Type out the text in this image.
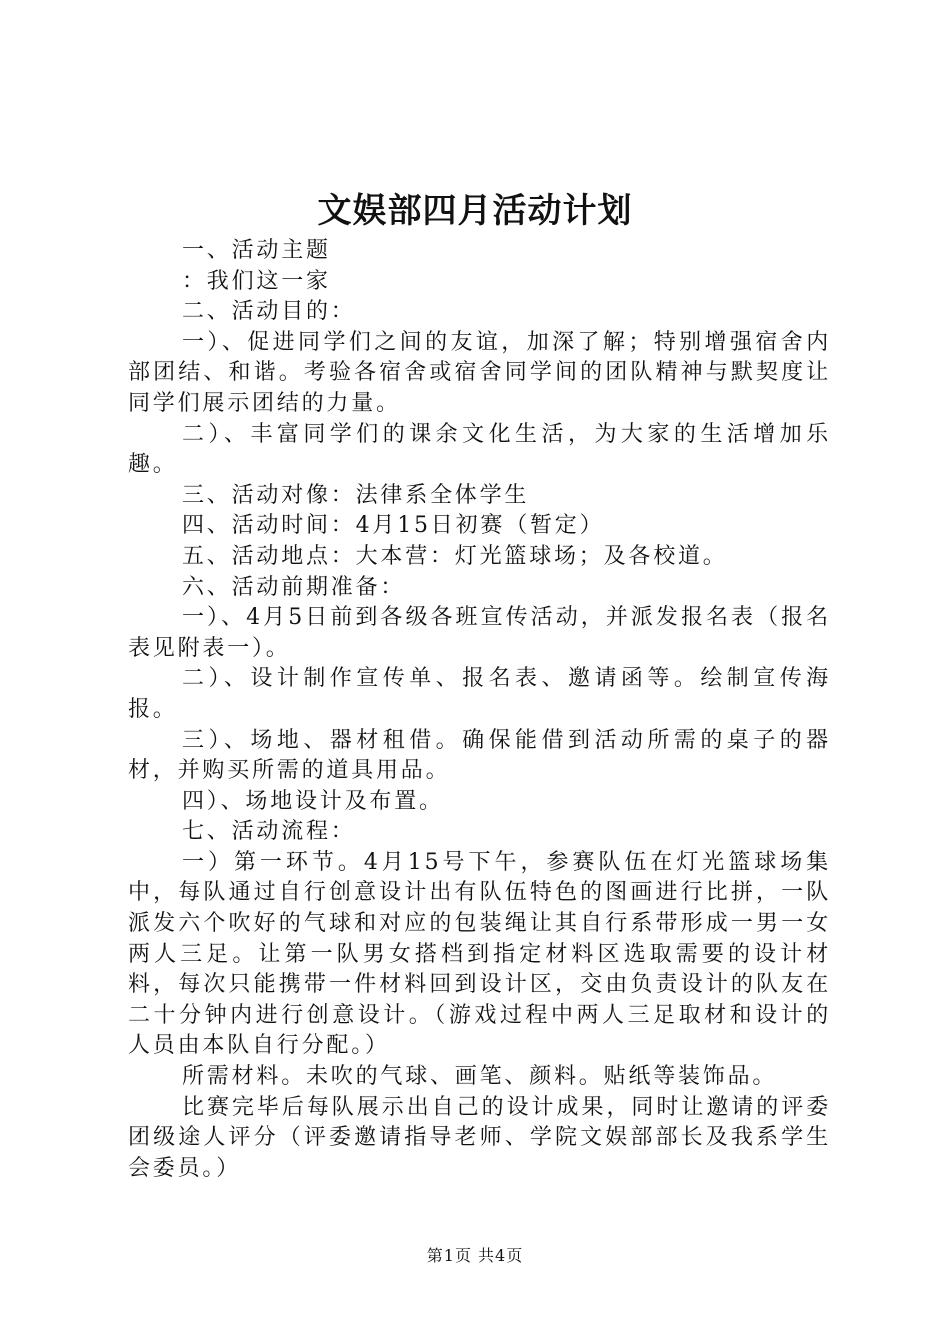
文娱部四月活动计划

一、活动主题

：我们这一家

二、活动目的：

一）、促进同学们之间的友谊，加深了解；特别增强宿舍内部团结、和谐。考验各宿舍或宿舍同学间的团队精神与默契度让同学们展示团结的力量。

二）、丰富同学们的课余文化生活，为大家的生活增加乐趣。

三、活动对像：法律系全体学生

四、活动时间：4月15日初赛（暂定）

五、活动地点：大本营：灯光篮球场；及各校道。

六、活动前期准备：

一）、4月5日前到各级各班宣传活动，并派发报名表（报名表见附表一）。

二）、设计制作宣传单、报名表、邀请函等。绘制宣传海报。

三）、场地、器材租借。确保能借到活动所需的桌子的器材，并购买所需的道具用品。

四）、场地设计及布置。

七、活动流程：

一）第一环节。4月15号下午，参赛队伍在灯光篮球场集中，每队通过自行创意设计出有队伍特色的图画进行比拼，一队派发六个吹好的气球和对应的包装绳让其自行系带形成一男一女两人三足。让第一队男女搭档到指定材料区选取需要的设计材料，每次只能携带一件材料回到设计区，交由负责设计的队友在二十分钟内进行创意设计。（游戏过程中两人三足取材和设计的人员由本队自行分配。）

所需材料。未吹的气球、画笔、颜料。贴纸等装饰品。

比赛完毕后每队展示出自己的设计成果，同时让邀请的评委团级途人评分（评委邀请指导老师、学院文娱部部长及我系学生会委员。）

第1页 共4页
